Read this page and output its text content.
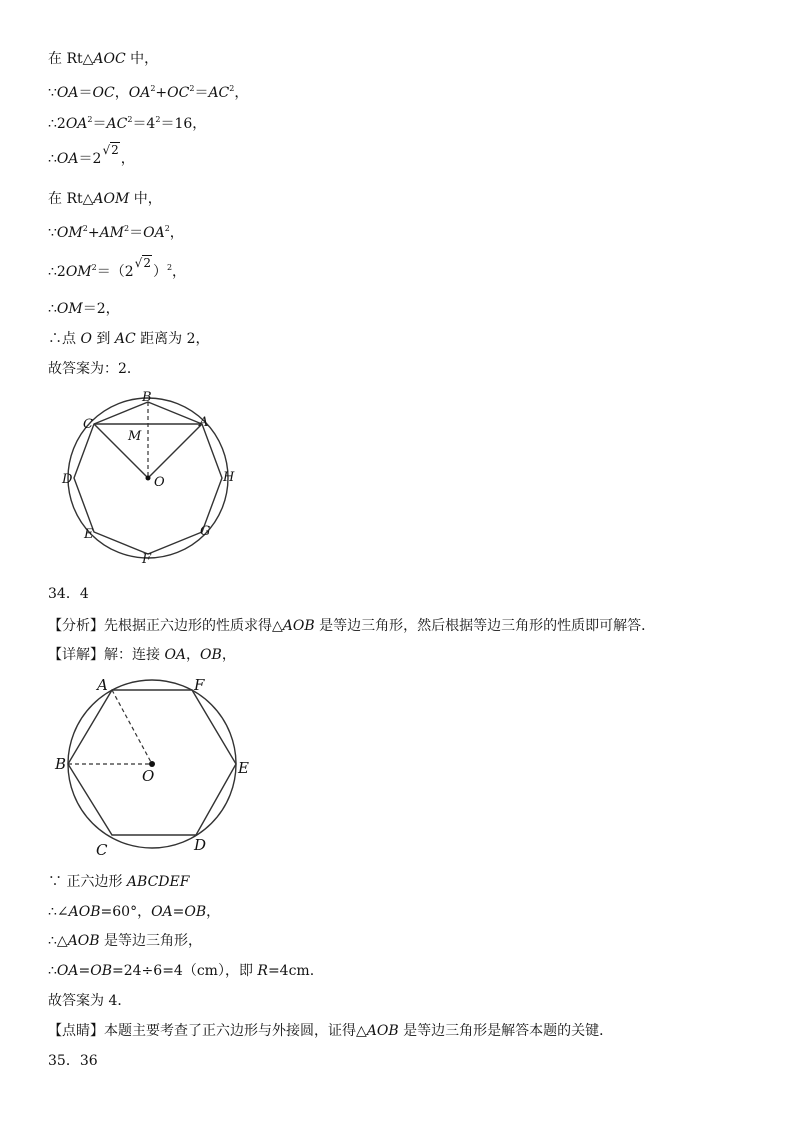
在 Rt△AOC 中，
∵OA＝OC，$OA^2+OC^2=AC^2$，
$\therefore 2OA^2=AC^2=4^2=16$，
∴OA＝2√2，
在 Rt△AOM 中，
$\because OM^2+AM^2=OA^2$，
$\therefore 2OM^2=(2√2)^2$，
∴OM＝2，
∴点 O 到 AC 距离为 2，
故答案为：2．
B
A
C
M
D	H
O
E	G
F
34．4
【分析】先根据正六边形的性质求得△AOB 是等边三角形，然后根据等边三角形的性质即可解答．
【详解】解：连接 OA，OB，
A	F
B
O	E
C	D
∵ 正六边形 ABCDEF
∴∠AOB=60°，OA=OB，
∴△AOB 是等边三角形，
∴OA=OB=24÷6=4（cm），即 R=4cm.
故答案为 4．
【点睛】本题主要考查了正六边形与外接圆，证得△AOB 是等边三角形是解答本题的关键．
35．36
